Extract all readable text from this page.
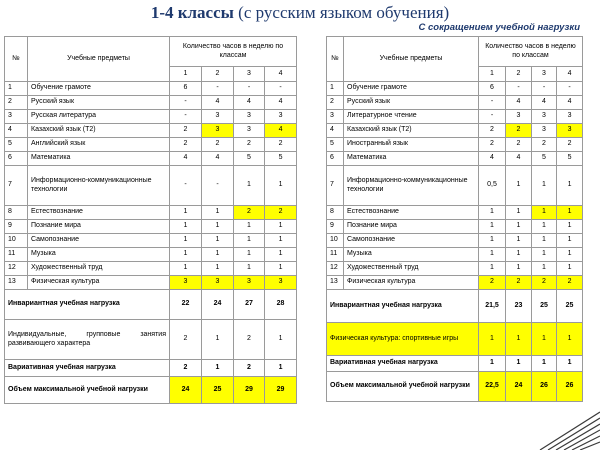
1-4 классы (с русским языком обучения)
С сокращением учебной нагрузки
№	Учебные предметы	Количество часов в неделю по классам			
		1	2	3	4
1	Обучение грамоте	6	-	-	-
2	Русский язык	-	4	4	4
3	Русская литература	-	3	3	3
4	Казахский язык (Т2)	2	3	3	4
5	Английский язык	2	2	2	2
6	Математика	4	4	5	5
7	Информационно-коммуникационные технологии	-	-	1	1
8	Естествознание	1	1	2	2
9	Познание мира	1	1	1	1
10	Самопознание	1	1	1	1
11	Музыка	1	1	1	1
12	Художественный труд	1	1	1	1
13	Физическая культура	3	3	3	3
Инвариантная учебная нагрузка		22	24	27	28
Индивидуальные, групповые занятия развивающего характера		2	1	2	1
Вариативная учебная нагрузка		2	1	2	1
Объем максимальной учебной нагрузки		24	25	29	29
№	Учебные предметы	Количество часов в неделю по классам			
		1	2	3	4
1	Обучение грамоте	6	-	-	-
2	Русский язык	-	4	4	4
3	Литературное чтение	-	3	3	3
4	Казахский язык (Т2)	2	2	3	3
5	Иностранный язык	2	2	2	2
6	Математика	4	4	5	5
7	Информационно-коммуникационные технологии	0,5	1	1	1
8	Естествознание	1	1	1	1
9	Познание мира	1	1	1	1
10	Самопознание	1	1	1	1
11	Музыка	1	1	1	1
12	Художественный труд	1	1	1	1
13	Физическая культура	2	2	2	2
Инвариантная учебная нагрузка		21,5	23	25	25
Физическая культура: спортивные игры		1	1	1	1
Вариативная учебная нагрузка		1	1	1	1
Объем максимальной учебной нагрузки		22,5	24	26	26
